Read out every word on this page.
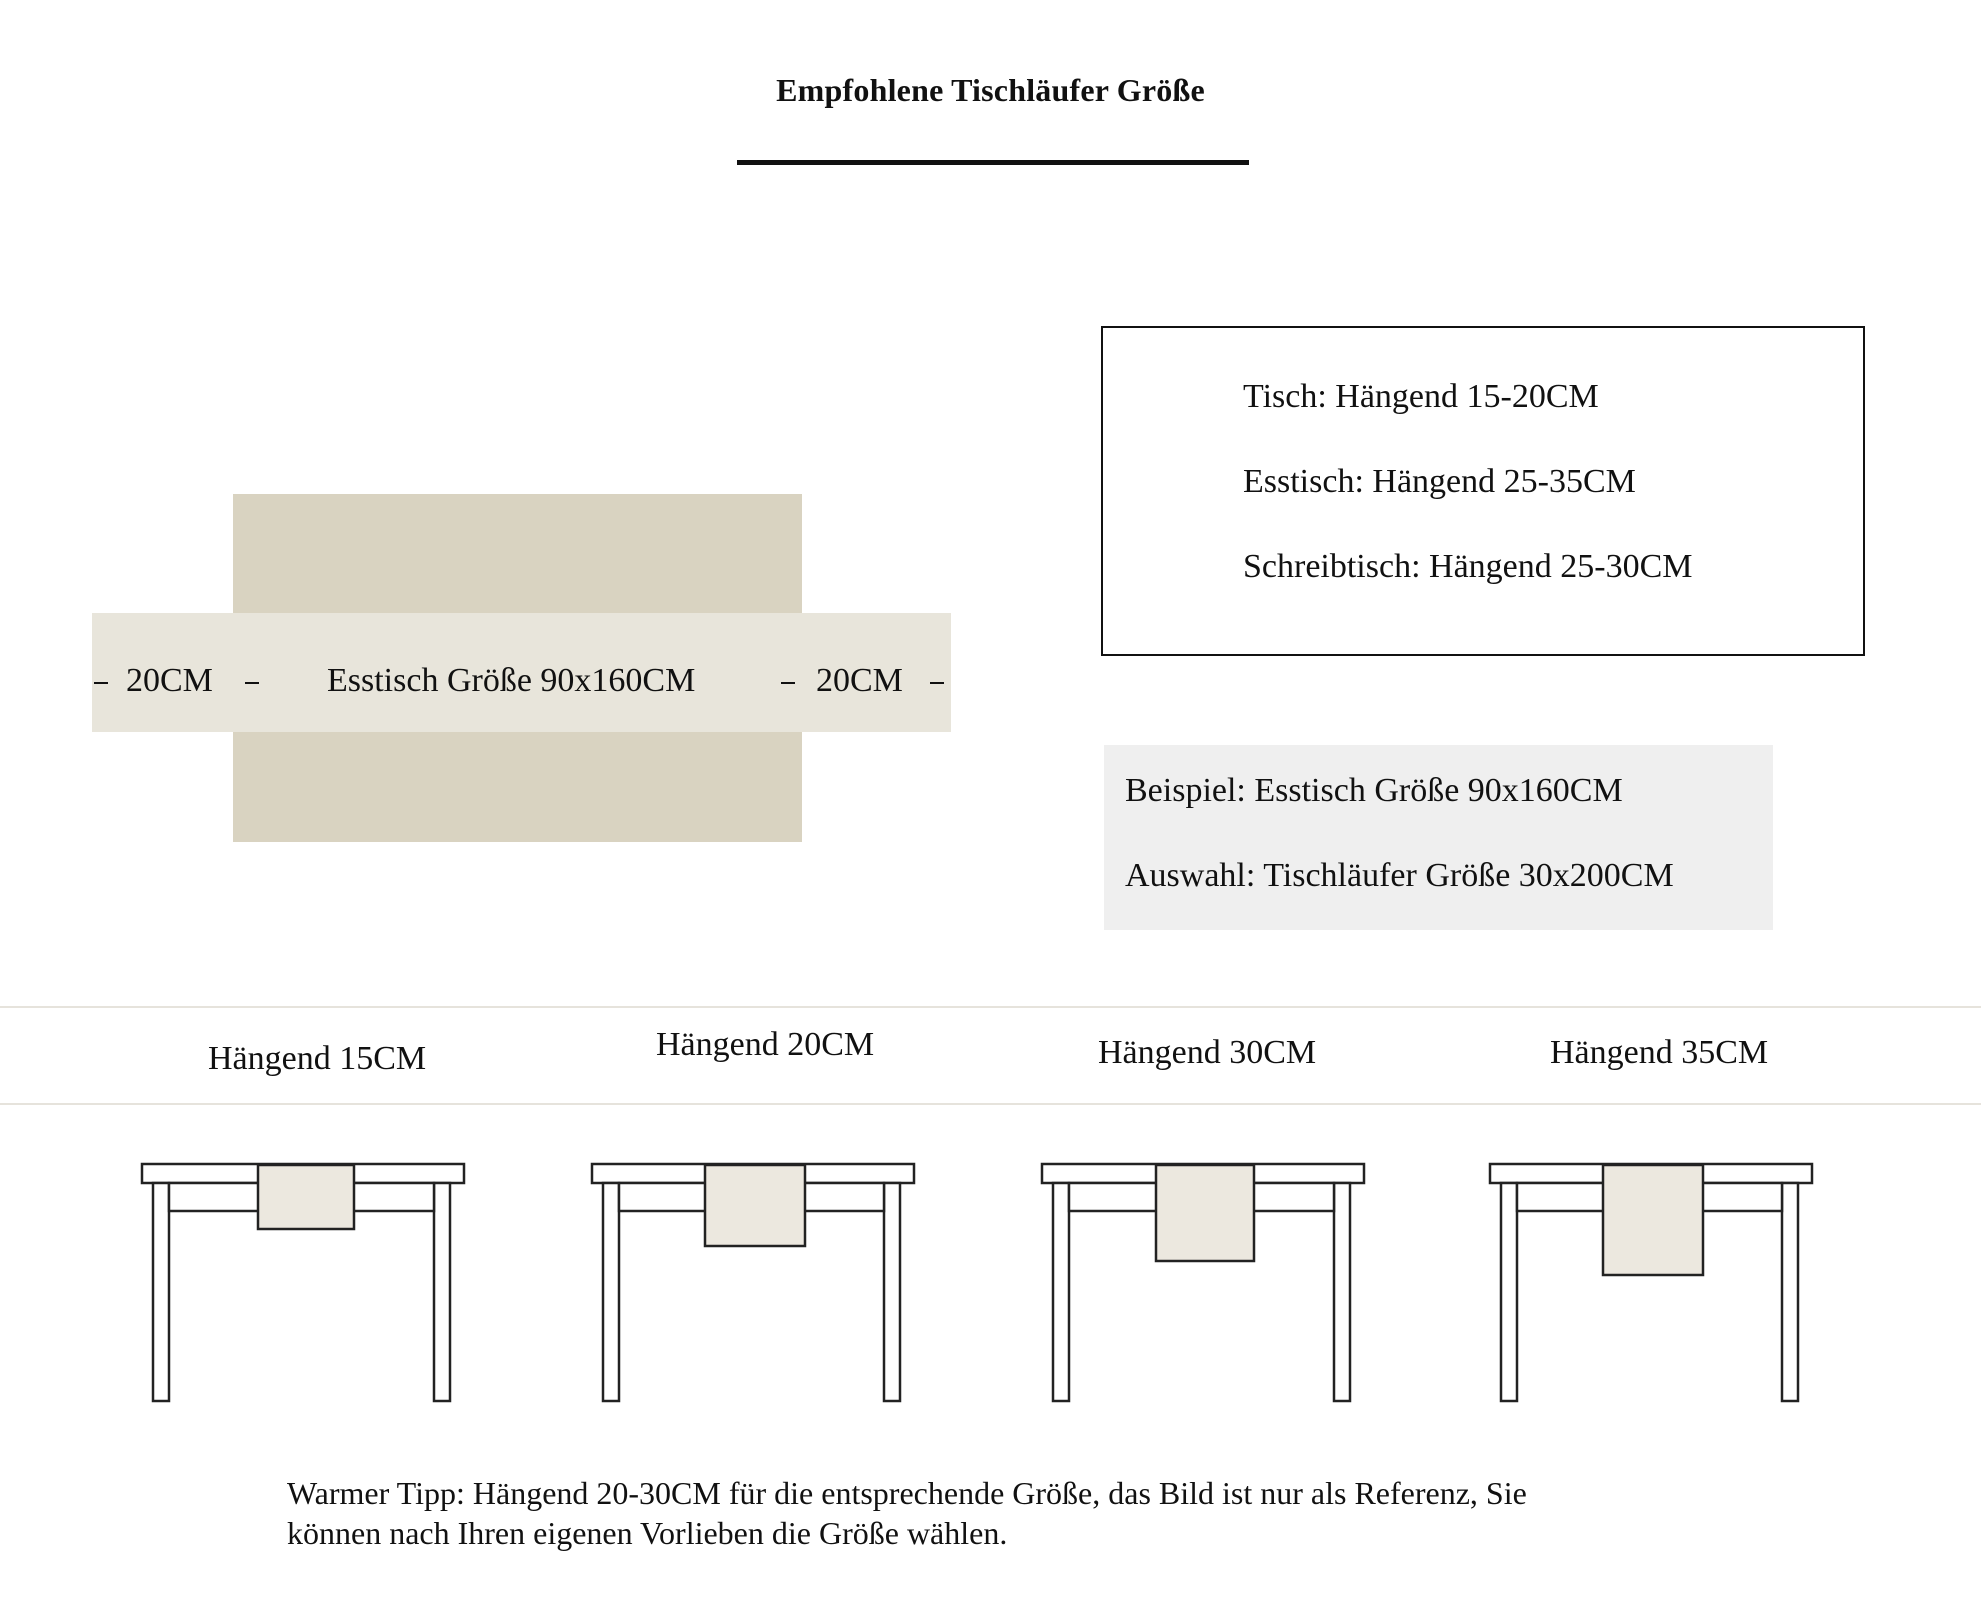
Empfohlene Tischläufer Größe
20CM	Esstisch Größe 90x160CM	20CM
Tisch: Hängend 15-20CM
Esstisch: Hängend 25-35CM
Schreibtisch: Hängend 25-30CM
Beispiel: Esstisch Größe 90x160CM
Auswahl: Tischläufer Größe 30x200CM
Hängend 15CM	Hängend 20CM	Hängend 30CM	Hängend 35CM
Warmer Tipp: Hängend 20-30CM für die entsprechende Größe, das Bild ist nur als Referenz, Sie
können nach Ihren eigenen Vorlieben die Größe wählen.
